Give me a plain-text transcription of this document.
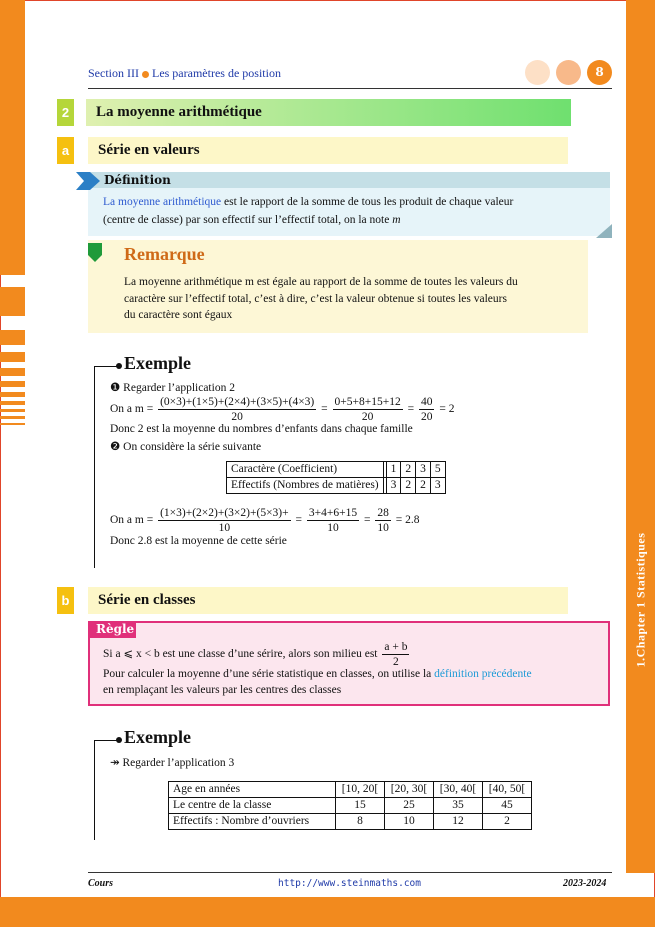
1.Chapter 1 Statistiques
Section III Les paramètres de position	8
2	La moyenne arithmétique
a	Série en valeurs
Définition
La moyenne arithmétique est le rapport de la somme de tous les produit de chaque valeur
(centre de classe) par son effectif sur l’effectif total, on la note m
Remarque
La moyenne arithmétique m est égale au rapport de la somme de toutes les valeurs du
caractère sur l’effectif total, c’est à dire, c’est la valeur obtenue si toutes les valeurs
du caractère sont égaux
Exemple
❶ Regarder l’application 2
On a $m = \frac{(0\times 3)+(1\times 5)+(2\times 4)+(3\times 5)+(4\times 3)}{20} = \frac{0+5+8+15+12}{20} = \frac{40}{20} = 2$
Donc 2 est la moyenne du nombres d’enfants dans chaque famille
❷ On considère la série suivante
Caractère (Coefficient)		1	2	3	5
Effectifs (Nombres de matières)		3	2	2	3
On a $m = \frac{(1\times 3)+(2\times 2)+(3\times 2)+(5\times 3)+}{10} = \frac{3+4+6+15}{10} = \frac{28}{10} = 2.8$
Donc 2.8 est la moyenne de cette série
b	Série en classes
Règle
Si a ⩽ x < b est une classe d’une sérire, alors son milieu est $\frac{a + b}{2}$
Pour calculer la moyenne d’une série statistique en classes, on utilise la définition précédente
en remplaçant les valeurs par les centres des classes
Exemple
↠ Regarder l’application 3
Age en années	[10, 20[	[20, 30[	[30, 40[	[40, 50[
Le centre de la classe	15	25	35	45
Effectifs : Nombre d’ouvriers	8	10	12	2
Cours	http://www.steinmaths.com	2023-2024
